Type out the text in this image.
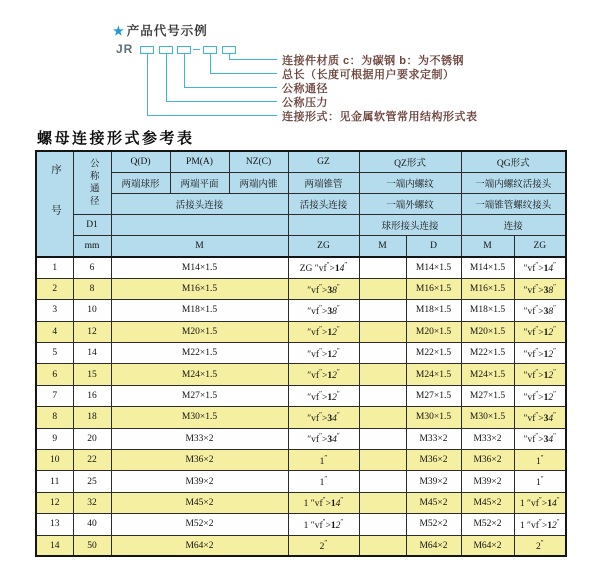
★ 产品代号示例
JR
连接件材质 c：为碳钢 b：为不锈钢
总长（长度可根据用户要求定制）
公称通径
公称压力
连接形式：见金属软管常用结构形式表
螺母连接形式参考表
序号	公称通径	Q(D)	PM(A)	NZ(C)	GZ	QZ形式		QG形式	
		两端球形	两端平面	两端内锥	两端锥管	一端内螺纹		一端内螺纹活接头	
		活接头连接			活接头连接	一端外螺纹		一端锥管螺纹接头	
	D1					球形接头连接		连接	
	mm	M			ZG	M	D	M	ZG
1	6	M14×1.5			ZG ″vf″>14″		M14×1.5	M14×1.5	″vf″>14″
2	8	M16×1.5			″vf″>38″		M16×1.5	M16×1.5	″vf″>38″
3	10	M18×1.5			″vf″>38″		M18×1.5	M18×1.5	″vf″>38″
4	12	M20×1.5			″vf″>12″		M20×1.5	M20×1.5	″vf″>12″
5	14	M22×1.5			″vf″>12″		M22×1.5	M22×1.5	″vf″>12″
6	15	M24×1.5			″vf″>12″		M24×1.5	M24×1.5	″vf″>12″
7	16	M27×1.5			″vf″>12″		M27×1.5	M27×1.5	″vf″>12″
8	18	M30×1.5			″vf″>34″		M30×1.5	M30×1.5	″vf″>34″
9	20	M33×2			″vf″>34″		M33×2	M33×2	″vf″>34″
10	22	M36×2			1″		M36×2	M36×2	1″
11	25	M39×2			1″		M39×2	M39×2	1″
12	32	M45×2			1 ″vf″>14″		M45×2	M45×2	1 ″vf″>14″
13	40	M52×2			1 ″vf″>12″		M52×2	M52×2	1 ″vf″>12″
14	50	M64×2			2″		M64×2	M64×2	2″
